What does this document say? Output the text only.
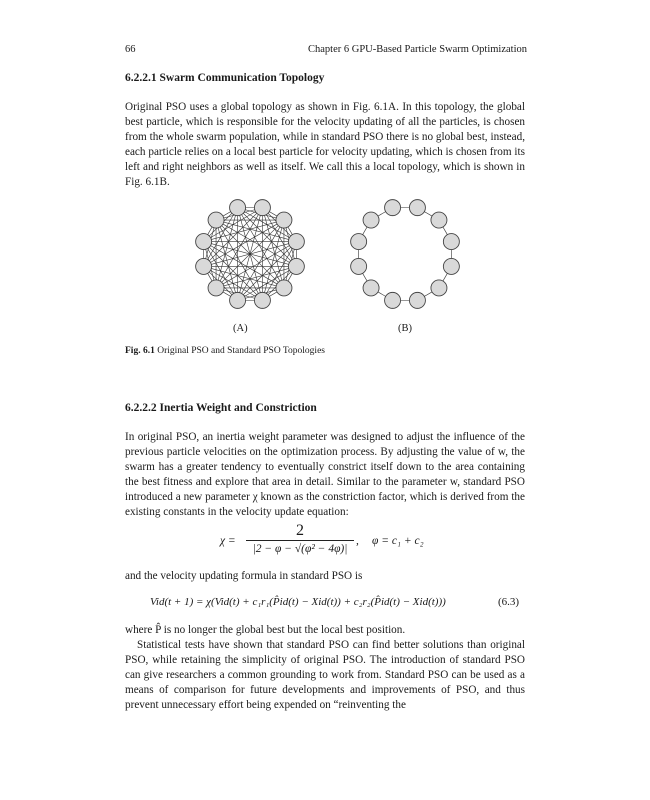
66	Chapter 6 GPU-Based Particle Swarm Optimization
6.2.2.1 Swarm Communication Topology

Original PSO uses a global topology as shown in Fig. 6.1A. In this topology, the global best particle, which is responsible for the velocity updating of all the particles, is chosen from the whole swarm population, while in standard PSO there is no global best, instead, each particle relies on a local best particle for velocity updating, which is chosen from its left and right neighbors as well as itself. We call this a local topology, which is shown in Fig. 6.1B.

(A)	(B)
Fig. 6.1 Original PSO and Standard PSO Topologies
6.2.2.2 Inertia Weight and Constriction

In original PSO, an inertia weight parameter was designed to adjust the influence of the previous particle velocities on the optimization process. By adjusting the value of w, the swarm has a greater tendency to eventually constrict itself down to the area containing the best fitness and explore that area in detail. Similar to the parameter w, standard PSO introduced a new parameter χ known as the constriction factor, which is derived from the existing constants in the velocity update equation:

χ =
2
|2 − φ − √(φ² − 4φ)|
, φ = c₁ + c₂

and the velocity updating formula in standard PSO is

Vid(t + 1) = χ(Vid(t) + c₁r₁(P̂id(t) − Xid(t)) + c₂r₂(P̂id(t) − Xid(t)))	(6.3)

where P̂ is no longer the global best but the local best position.

Statistical tests have shown that standard PSO can find better solutions than original PSO, while retaining the simplicity of original PSO. The introduction of standard PSO can give researchers a common grounding to work from. Standard PSO can be used as a means of comparison for future developments and improvements of PSO, and thus prevent unnecessary effort being expended on “reinventing the
